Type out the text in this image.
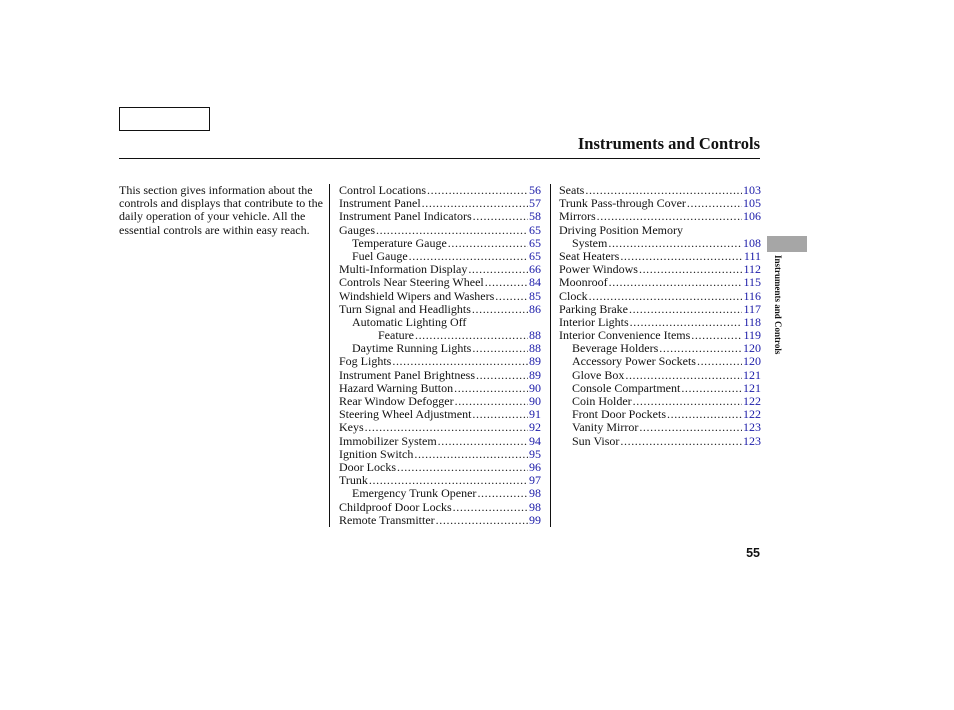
Instruments and Controls
This section gives information about the controls and displays that contribute to the daily operation of your vehicle. All the essential controls are within easy reach.
Control Locations .....	56
Instrument Panel .....	57
Instrument Panel Indicators .....	58
Gauges .....	65
Temperature Gauge .....	65
Fuel Gauge .....	65
Multi-Information Display .....	66
Controls Near Steering Wheel .....	84
Windshield Wipers and Washers .....	85
Turn Signal and Headlights .....	86
Automatic Lighting Off
Feature .....	88
Daytime Running Lights .....	88
Fog Lights .....	89
Instrument Panel Brightness .....	89
Hazard Warning Button .....	90
Rear Window Defogger .....	90
Steering Wheel Adjustment .....	91
Keys .....	92
Immobilizer System .....	94
Ignition Switch .....	95
Door Locks .....	96
Trunk .....	97
Emergency Trunk Opener .....	98
Childproof Door Locks .....	98
Remote Transmitter .....	99
Seats .....	103
Trunk Pass-through Cover .....	105
Mirrors .....	106
Driving Position Memory
System .....	108
Seat Heaters .....	111
Power Windows .....	112
Moonroof .....	115
Clock .....	116
Parking Brake .....	117
Interior Lights .....	118
Interior Convenience Items .....	119
Beverage Holders .....	120
Accessory Power Sockets .....	120
Glove Box .....	121
Console Compartment .....	121
Coin Holder .....	122
Front Door Pockets .....	122
Vanity Mirror .....	123
Sun Visor .....	123
Instruments and Controls
55
